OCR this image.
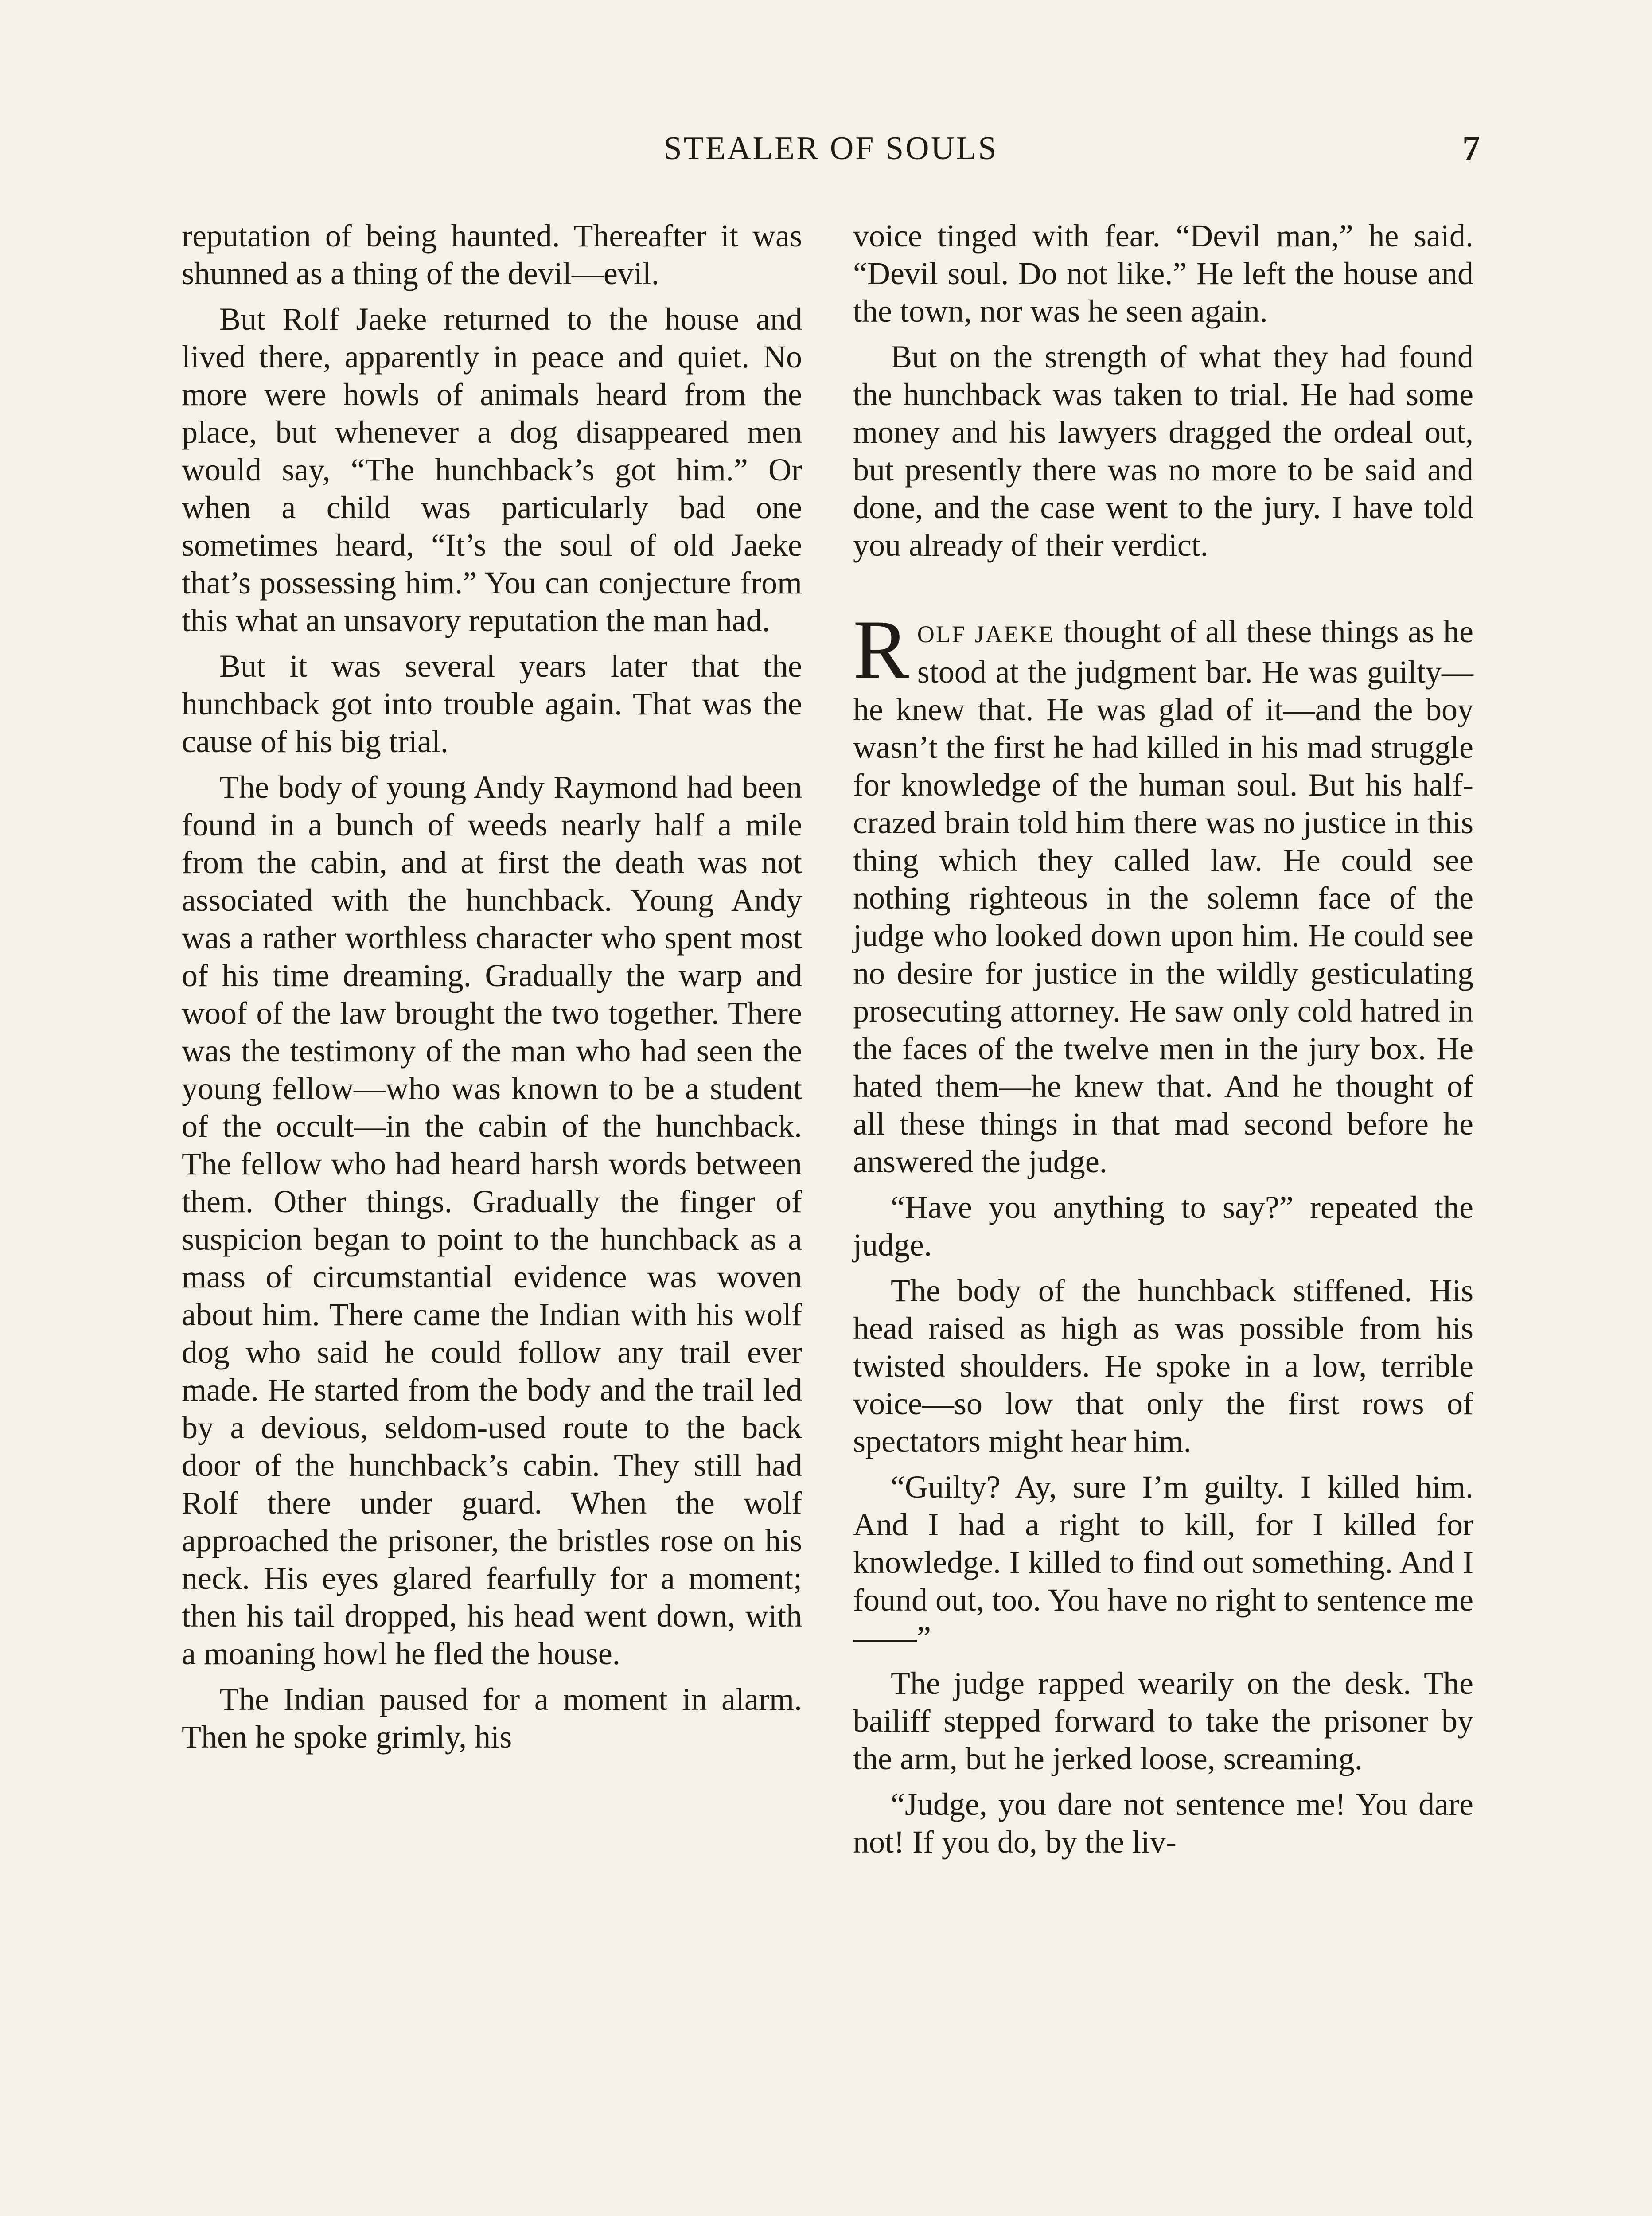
STEALER OF SOULS	7

reputation of being haunted. Thereafter it was shunned as a thing of the devil—evil.

But Rolf Jaeke returned to the house and lived there, apparently in peace and quiet. No more were howls of animals heard from the place, but whenever a dog disappeared men would say, “The hunchback’s got him.” Or when a child was particularly bad one sometimes heard, “It’s the soul of old Jaeke that’s possessing him.” You can conjecture from this what an unsavory reputation the man had.

But it was several years later that the hunchback got into trouble again. That was the cause of his big trial.

The body of young Andy Raymond had been found in a bunch of weeds nearly half a mile from the cabin, and at first the death was not associated with the hunchback. Young Andy was a rather worthless character who spent most of his time dreaming. Gradually the warp and woof of the law brought the two together. There was the testimony of the man who had seen the young fellow—who was known to be a student of the occult—in the cabin of the hunchback. The fellow who had heard harsh words between them. Other things. Gradually the finger of suspicion began to point to the hunchback as a mass of circumstantial evidence was woven about him. There came the Indian with his wolf dog who said he could follow any trail ever made. He started from the body and the trail led by a devious, seldom-used route to the back door of the hunchback’s cabin. They still had Rolf there under guard. When the wolf approached the prisoner, the bristles rose on his neck. His eyes glared fearfully for a moment; then his tail dropped, his head went down, with a moaning howl he fled the house.

The Indian paused for a moment in alarm. Then he spoke grimly, his

voice tinged with fear. “Devil man,” he said. “Devil soul. Do not like.” He left the house and the town, nor was he seen again.

But on the strength of what they had found the hunchback was taken to trial. He had some money and his lawyers dragged the ordeal out, but presently there was no more to be said and done, and the case went to the jury. I have told you already of their verdict.

ROLF JAEKE thought of all these things as he stood at the judgment bar. He was guilty—he knew that. He was glad of it—and the boy wasn’t the first he had killed in his mad struggle for knowledge of the human soul. But his half-crazed brain told him there was no justice in this thing which they called law. He could see nothing righteous in the solemn face of the judge who looked down upon him. He could see no desire for justice in the wildly gesticulating prosecuting attorney. He saw only cold hatred in the faces of the twelve men in the jury box. He hated them—he knew that. And he thought of all these things in that mad second before he answered the judge.

“Have you anything to say?” repeated the judge.

The body of the hunchback stiffened. His head raised as high as was possible from his twisted shoulders. He spoke in a low, terrible voice—so low that only the first rows of spectators might hear him.

“Guilty? Ay, sure I’m guilty. I killed him. And I had a right to kill, for I killed for knowledge. I killed to find out something. And I found out, too. You have no right to sentence me——”

The judge rapped wearily on the desk. The bailiff stepped forward to take the prisoner by the arm, but he jerked loose, screaming.

“Judge, you dare not sentence me! You dare not! If you do, by the liv-
